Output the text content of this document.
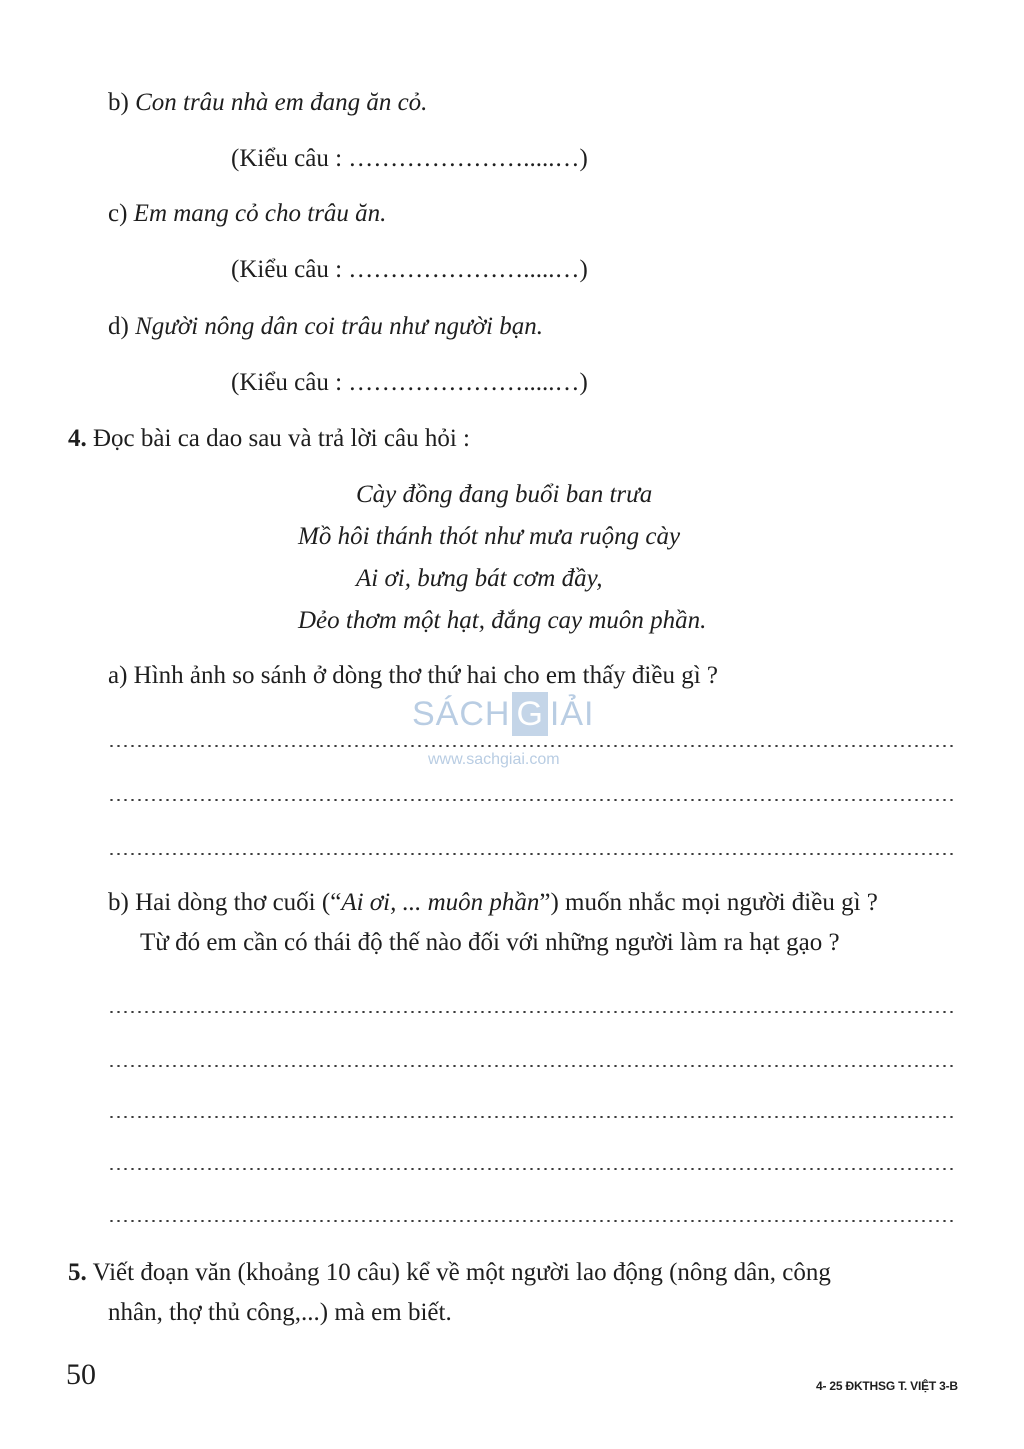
b) Con trâu nhà em đang ăn cỏ.
(Kiểu câu : ………………….....…)
c) Em mang cỏ cho trâu ăn.
(Kiểu câu : ………………….....…)
d) Người nông dân coi trâu như người bạn.
(Kiểu câu : ………………….....…)
4. Đọc bài ca dao sau và trả lời câu hỏi :
Cày đồng đang buổi ban trưa
Mồ hôi thánh thót như mưa ruộng cày
Ai ơi, bưng bát cơm đầy,
Dẻo thơm một hạt, đắng cay muôn phần.
a) Hình ảnh so sánh ở dòng thơ thứ hai cho em thấy điều gì ?
b) Hai dòng thơ cuối (“Ai ơi, ... muôn phần”) muốn nhắc mọi người điều gì ?
Từ đó em cần có thái độ thế nào đối với những người làm ra hạt gạo ?
5. Viết đoạn văn (khoảng 10 câu) kể về một người lao động (nông dân, công
nhân, thợ thủ công,...) mà em biết.
SÁCH G IẢI
www.sachgiai.com
50	4- 25 ĐKTHSG T. VIỆT 3-B
